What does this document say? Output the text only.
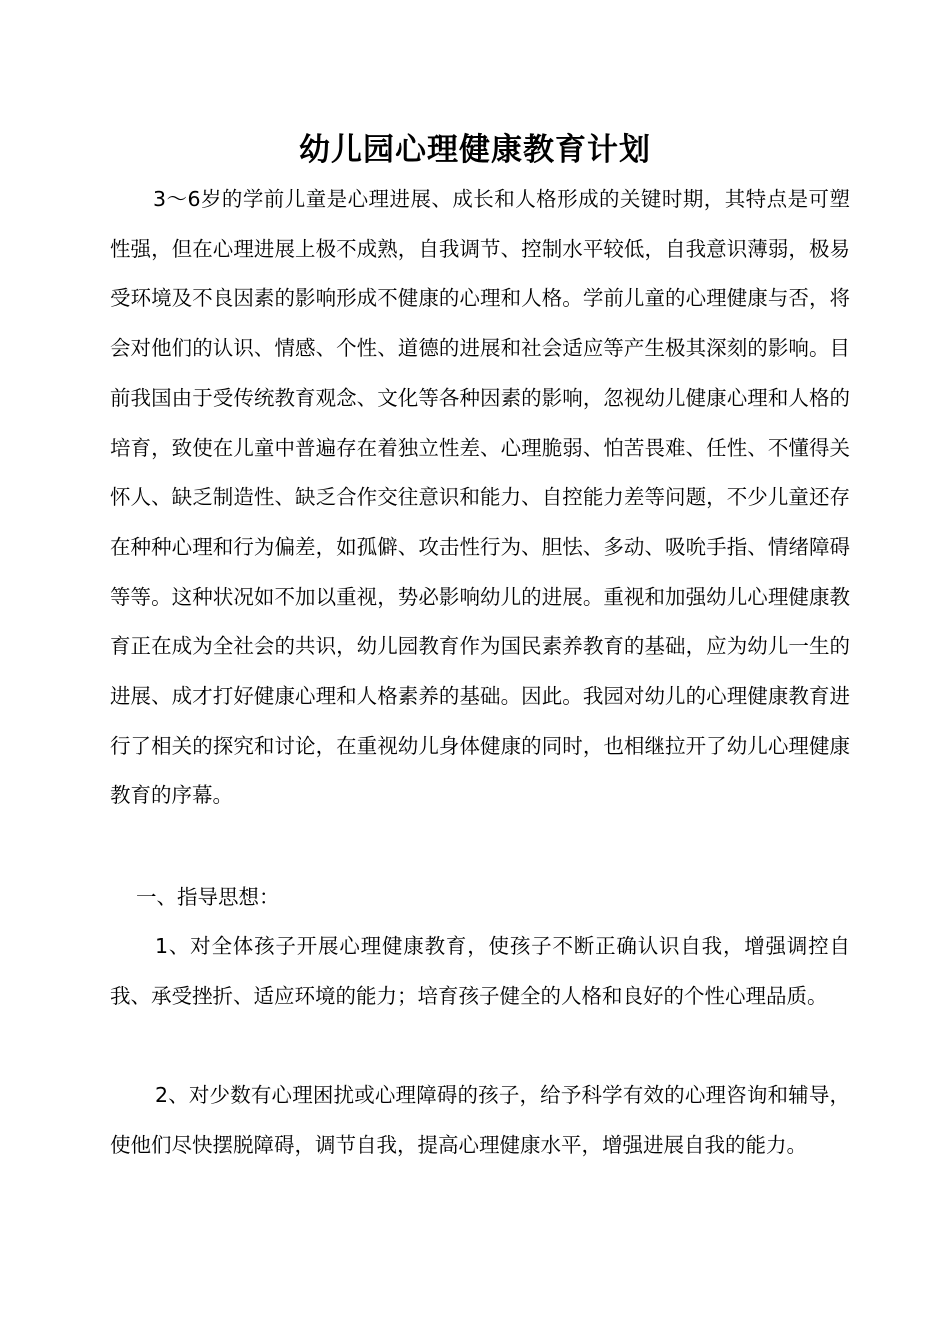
幼儿园心理健康教育计划

3～6岁的学前儿童是心理进展、成长和人格形成的关键时期，其特点是可塑性强，但在心理进展上极不成熟，自我调节、控制水平较低，自我意识薄弱，极易受环境及不良因素的影响形成不健康的心理和人格。学前儿童的心理健康与否，将会对他们的认识、情感、个性、道德的进展和社会适应等产生极其深刻的影响。目前我国由于受传统教育观念、文化等各种因素的影响，忽视幼儿健康心理和人格的培育，致使在儿童中普遍存在着独立性差、心理脆弱、怕苦畏难、任性、不懂得关怀人、缺乏制造性、缺乏合作交往意识和能力、自控能力差等问题，不少儿童还存在种种心理和行为偏差，如孤僻、攻击性行为、胆怯、多动、吸吮手指、情绪障碍等等。这种状况如不加以重视，势必影响幼儿的进展。重视和加强幼儿心理健康教育正在成为全社会的共识，幼儿园教育作为国民素养教育的基础，应为幼儿一生的进展、成才打好健康心理和人格素养的基础。因此。我园对幼儿的心理健康教育进行了相关的探究和讨论，在重视幼儿身体健康的同时，也相继拉开了幼儿心理健康教育的序幕。

一、指导思想：

1、对全体孩子开展心理健康教育，使孩子不断正确认识自我，增强调控自我、承受挫折、适应环境的能力；培育孩子健全的人格和良好的个性心理品质。

2、对少数有心理困扰或心理障碍的孩子，给予科学有效的心理咨询和辅导，使他们尽快摆脱障碍，调节自我，提高心理健康水平，增强进展自我的能力。
